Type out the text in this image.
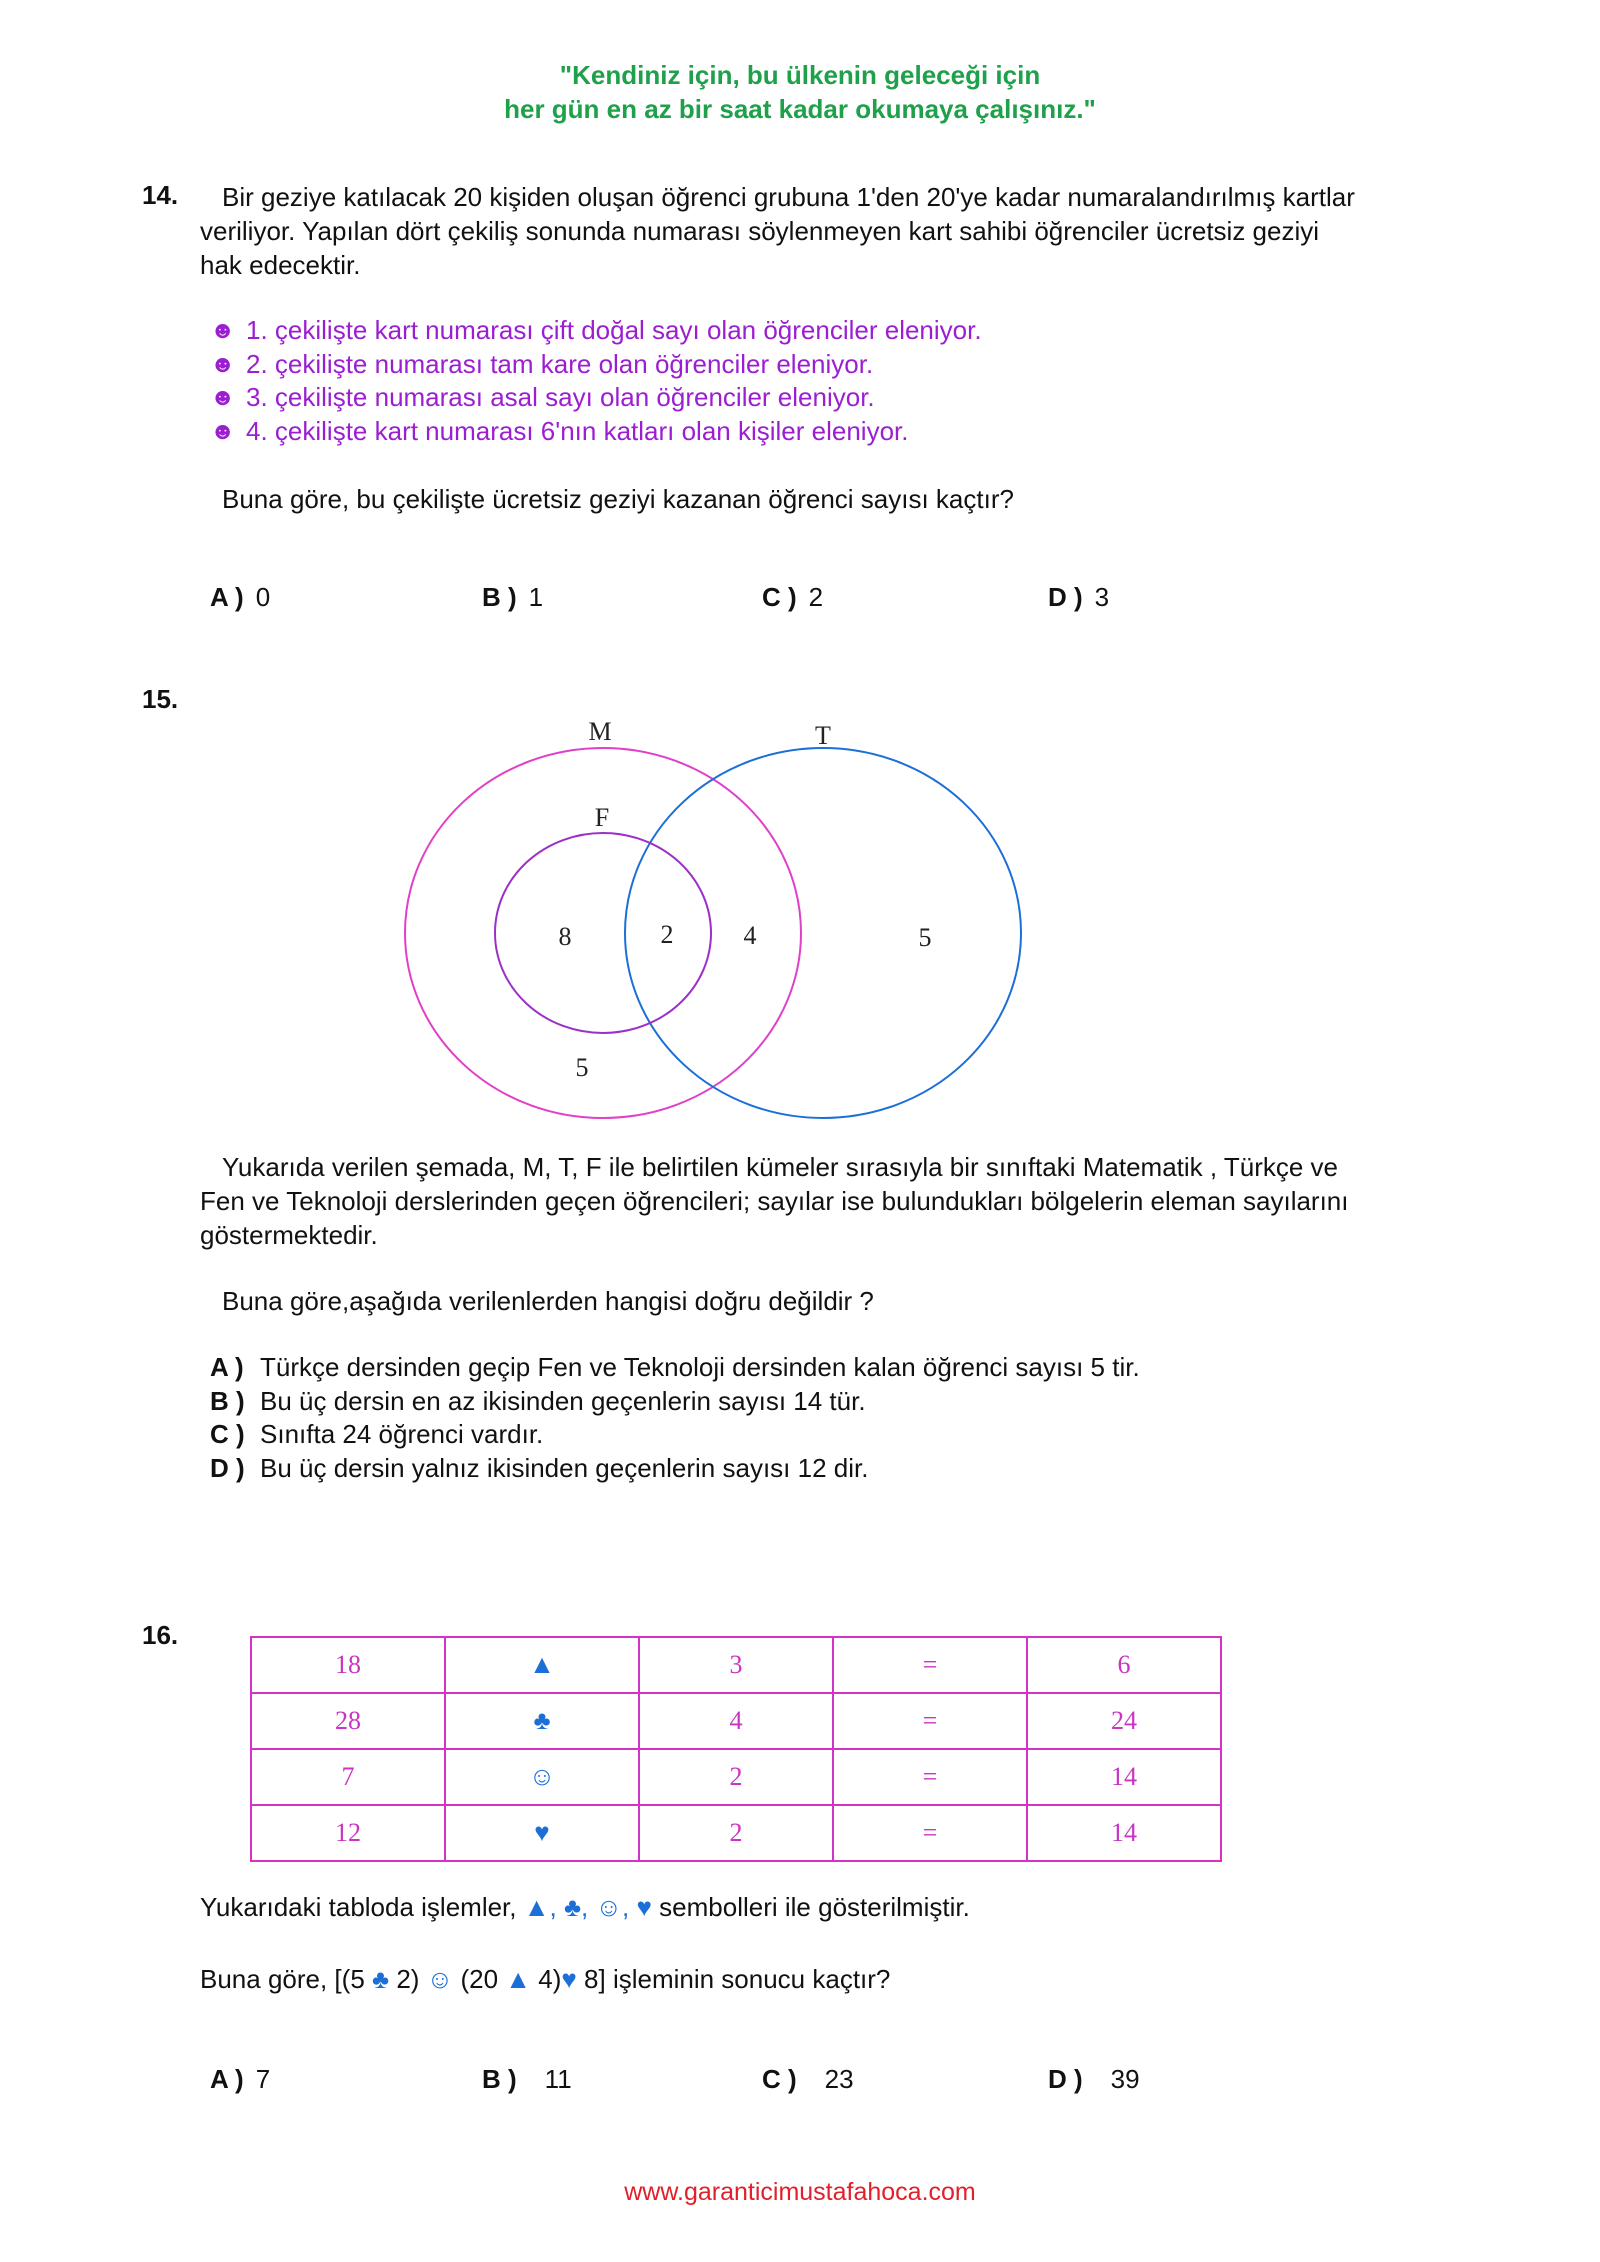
"Kendiniz için, bu ülkenin geleceği için
her gün en az bir saat kadar okumaya çalışınız."
14. Bir geziye katılacak 20 kişiden oluşan öğrenci grubuna 1'den 20'ye kadar numaralandırılmış kartlar
veriliyor. Yapılan dört çekiliş sonunda numarası söylenmeyen kart sahibi öğrenciler ücretsiz geziyi
hak edecektir.
☻ 1. çekilişte kart numarası çift doğal sayı olan öğrenciler eleniyor.
☻ 2. çekilişte numarası tam kare olan öğrenciler eleniyor.
☻ 3. çekilişte numarası asal sayı olan öğrenciler eleniyor.
☻ 4. çekilişte kart numarası 6'nın katları olan kişiler eleniyor.
Buna göre, bu çekilişte ücretsiz geziyi kazanan öğrenci sayısı kaçtır?
A ) 0	B ) 1	C ) 2	D ) 3
15.
M	T
F
8	2	4	5
5
Yukarıda verilen şemada, M, T, F ile belirtilen kümeler sırasıyla bir sınıftaki Matematik , Türkçe ve
Fen ve Teknoloji derslerinden geçen öğrencileri; sayılar ise bulundukları bölgelerin eleman sayılarını
göstermektedir.
Buna göre,aşağıda verilenlerden hangisi doğru değildir ?
A ) Türkçe dersinden geçip Fen ve Teknoloji dersinden kalan öğrenci sayısı 5 tir.
B ) Bu üç dersin en az ikisinden geçenlerin sayısı 14 tür.
C ) Sınıfta 24 öğrenci vardır.
D ) Bu üç dersin yalnız ikisinden geçenlerin sayısı 12 dir.
16.
18	▲	3	=	6
28	♣	4	=	24
7	☺	2	=	14
12	♥	2	=	14
Yukarıdaki tabloda işlemler, ▲, ♣, ☺, ♥ sembolleri ile gösterilmiştir.
Buna göre, [(5 ♣ 2) ☺ (20 ▲ 4)♥ 8] işleminin sonucu kaçtır?
A ) 7	B ) 11	C ) 23	D ) 39
www.garanticimustafahoca.com
